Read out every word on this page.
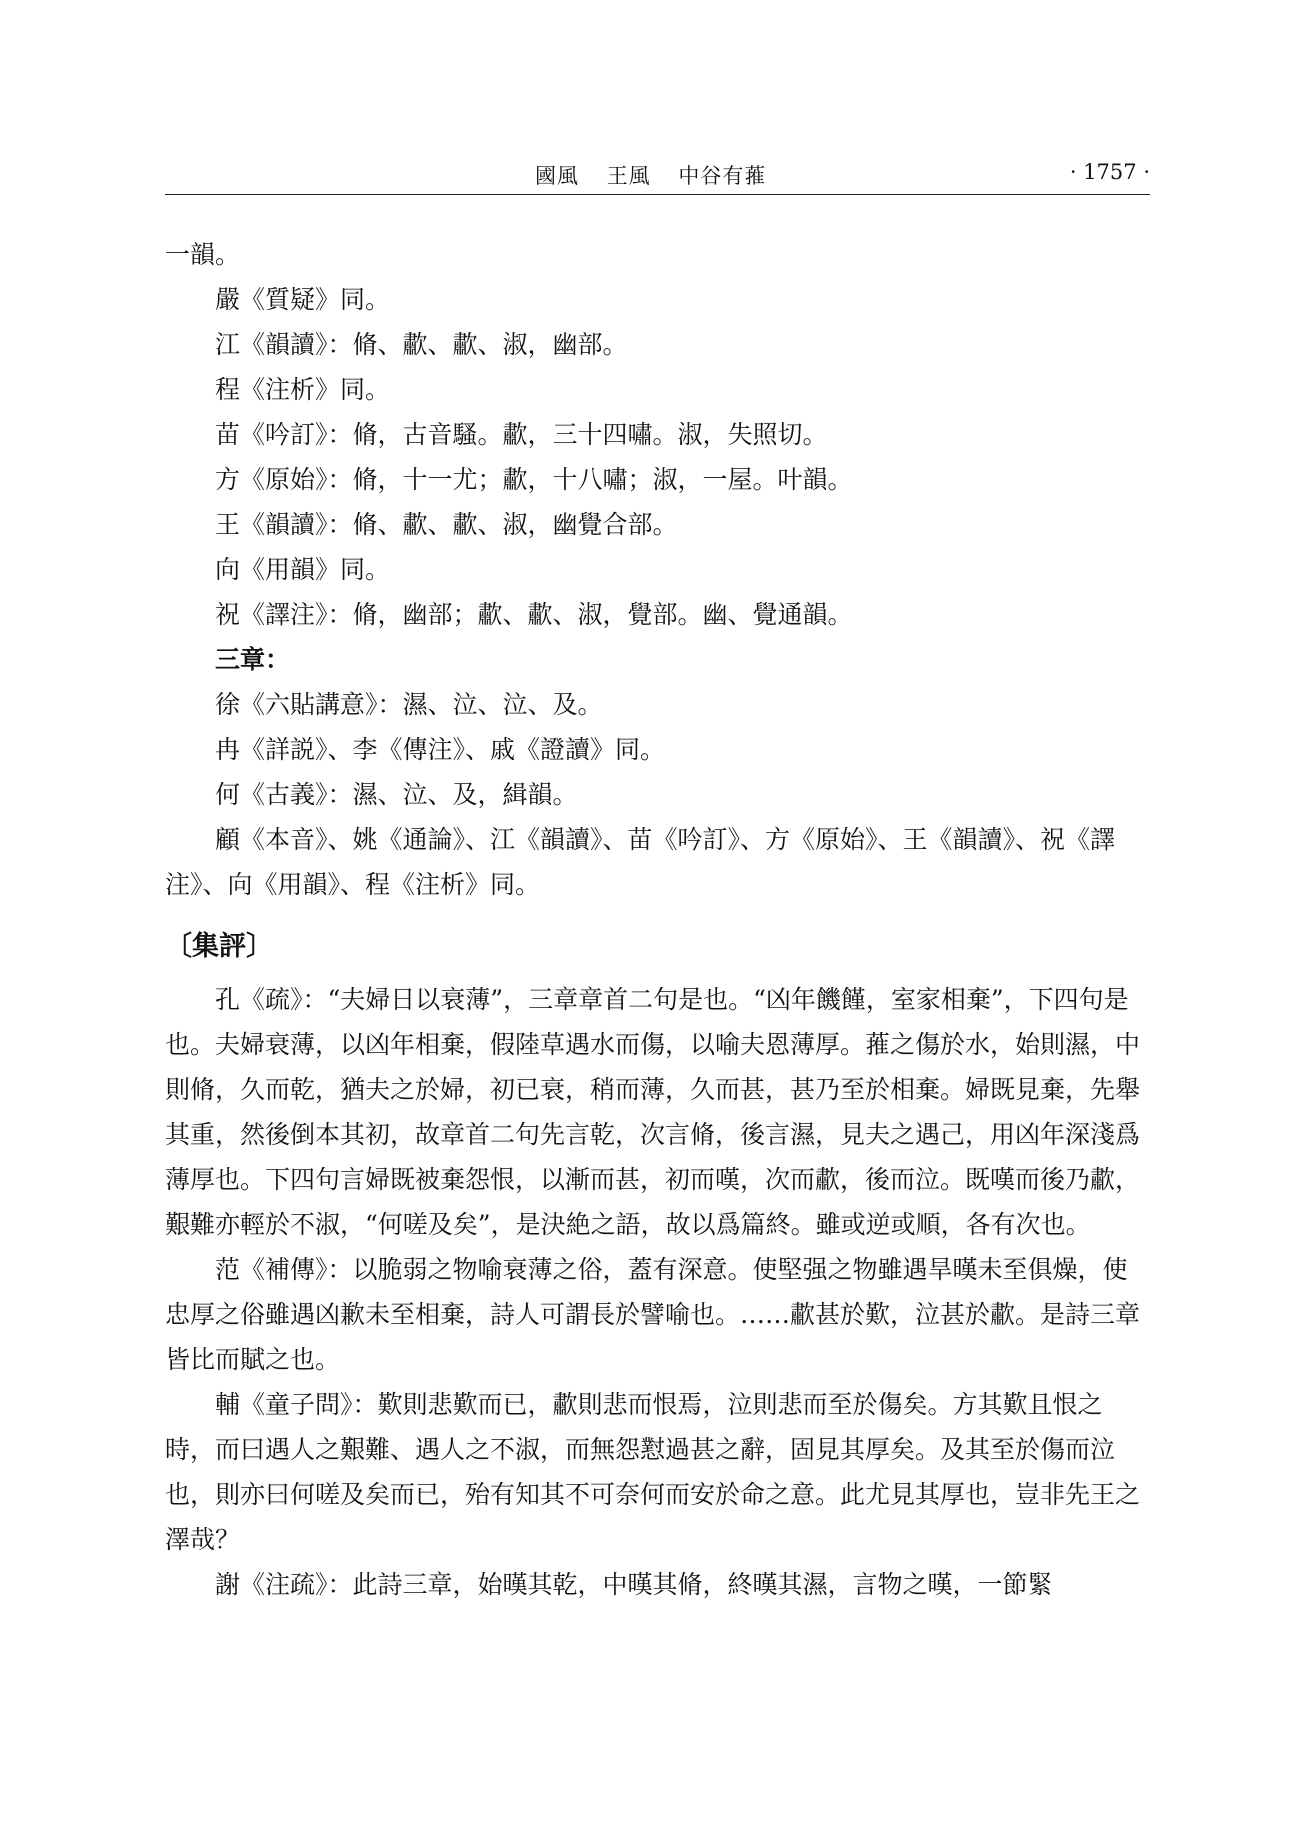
國風 王風 中谷有蓷	· 1757 ·

一韻。

嚴《質疑》同。

江《韻讀》：脩、歗、歗、淑，幽部。

程《注析》同。

苗《吟訂》：脩，古音騷。歗，三十四嘯。淑，失照切。

方《原始》：脩，十一尤；歗，十八嘯；淑，一屋。叶韻。

王《韻讀》：脩、歗、歗、淑，幽覺合部。

向《用韻》同。

祝《譯注》：脩，幽部；歗、歗、淑，覺部。幽、覺通韻。

三章：

徐《六貼講意》：濕、泣、泣、及。

冉《詳説》、李《傳注》、戚《證讀》同。

何《古義》：濕、泣、及，緝韻。

顧《本音》、姚《通論》、江《韻讀》、苗《吟訂》、方《原始》、王《韻讀》、祝《譯注》、向《用韻》、程《注析》同。

〔集評〕

孔《疏》：“夫婦日以衰薄”，三章章首二句是也。“凶年饑饉，室家相棄”，下四句是也。夫婦衰薄，以凶年相棄，假陸草遇水而傷，以喻夫恩薄厚。蓷之傷於水，始則濕，中則脩，久而乾，猶夫之於婦，初已衰，稍而薄，久而甚，甚乃至於相棄。婦既見棄，先舉其重，然後倒本其初，故章首二句先言乾，次言脩，後言濕，見夫之遇己，用凶年深淺爲薄厚也。下四句言婦既被棄怨恨，以漸而甚，初而嘆，次而歗，後而泣。既嘆而後乃歗，艱難亦輕於不淑，“何嗟及矣”，是決絶之語，故以爲篇終。雖或逆或順，各有次也。

范《補傳》：以脆弱之物喻衰薄之俗，蓋有深意。使堅强之物雖遇旱暵未至俱燥，使忠厚之俗雖遇凶歉未至相棄，詩人可謂長於譬喻也。……歗甚於歎，泣甚於歗。是詩三章皆比而賦之也。

輔《童子問》：歎則悲歎而已，歗則悲而恨焉，泣則悲而至於傷矣。方其歎且恨之時，而曰遇人之艱難、遇人之不淑，而無怨懟過甚之辭，固見其厚矣。及其至於傷而泣也，則亦曰何嗟及矣而已，殆有知其不可奈何而安於命之意。此尤見其厚也，豈非先王之澤哉？

謝《注疏》：此詩三章，始暵其乾，中暵其脩，終暵其濕，言物之暵，一節緊
